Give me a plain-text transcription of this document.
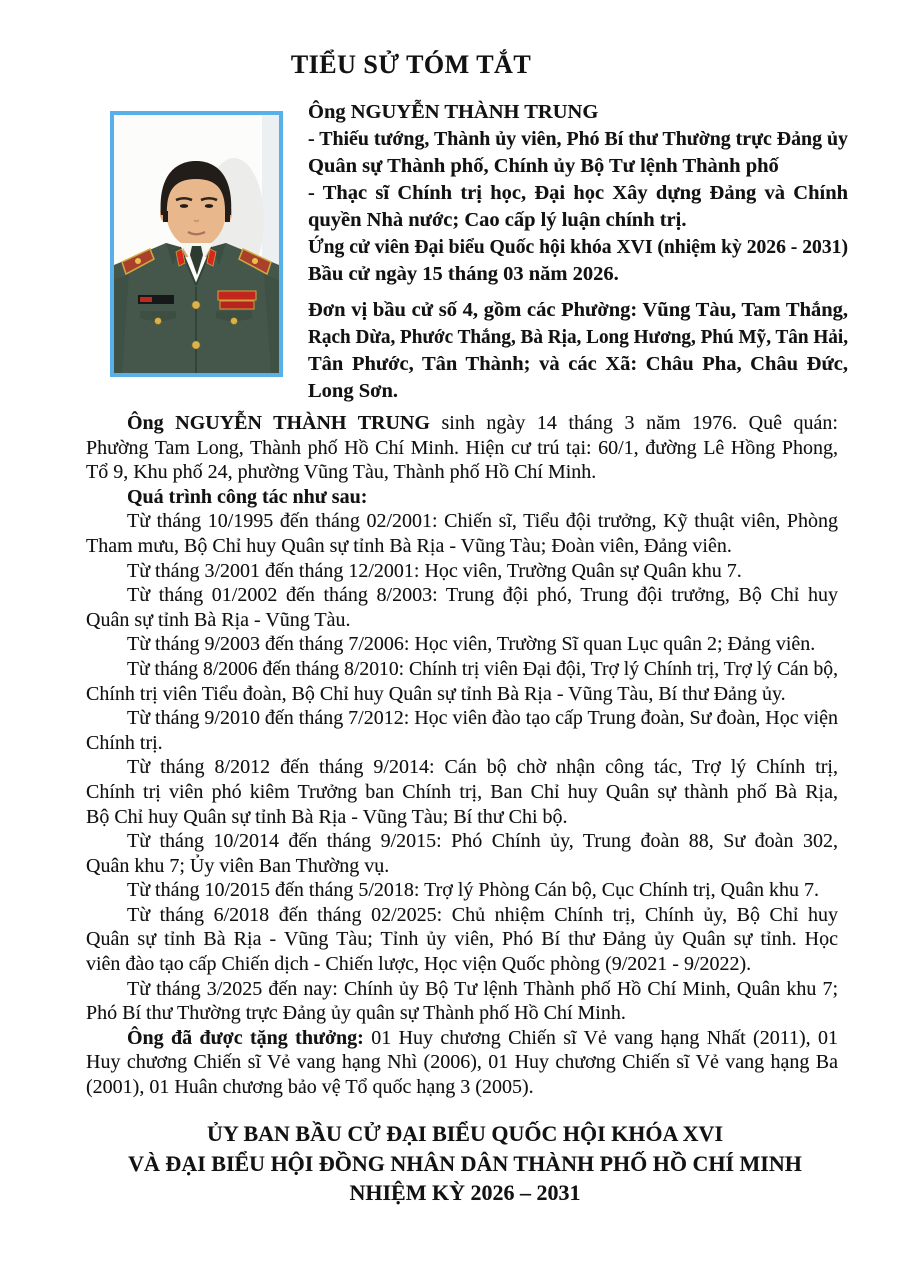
TIỂU SỬ TÓM TẮT
Ông NGUYỄN THÀNH TRUNG
- Thiếu tướng, Thành ủy viên, Phó Bí thư Thường trực Đảng ủy
Quân sự Thành phố, Chính ủy Bộ Tư lệnh Thành phố
- Thạc sĩ Chính trị học, Đại học Xây dựng Đảng và Chính
quyền Nhà nước; Cao cấp lý luận chính trị.
Ứng cử viên Đại biểu Quốc hội khóa XVI (nhiệm kỳ 2026 - 2031)
Bầu cử ngày 15 tháng 03 năm 2026.
Đơn vị bầu cử số 4, gồm các Phường: Vũng Tàu, Tam Thắng,
Rạch Dừa, Phước Thắng, Bà Rịa, Long Hương, Phú Mỹ, Tân Hải,
Tân Phước, Tân Thành; và các Xã: Châu Pha, Châu Đức,
Long Sơn.
Ông NGUYỄN THÀNH TRUNG sinh ngày 14 tháng 3 năm 1976. Quê quán:
Phường Tam Long, Thành phố Hồ Chí Minh. Hiện cư trú tại: 60/1, đường Lê Hồng Phong,
Tổ 9, Khu phố 24, phường Vũng Tàu, Thành phố Hồ Chí Minh.
Quá trình công tác như sau:
Từ tháng 10/1995 đến tháng 02/2001: Chiến sĩ, Tiểu đội trưởng, Kỹ thuật viên, Phòng
Tham mưu, Bộ Chỉ huy Quân sự tỉnh Bà Rịa - Vũng Tàu; Đoàn viên, Đảng viên.
Từ tháng 3/2001 đến tháng 12/2001: Học viên, Trường Quân sự Quân khu 7.
Từ tháng 01/2002 đến tháng 8/2003: Trung đội phó, Trung đội trưởng, Bộ Chỉ huy
Quân sự tỉnh Bà Rịa - Vũng Tàu.
Từ tháng 9/2003 đến tháng 7/2006: Học viên, Trường Sĩ quan Lục quân 2; Đảng viên.
Từ tháng 8/2006 đến tháng 8/2010: Chính trị viên Đại đội, Trợ lý Chính trị, Trợ lý Cán bộ,
Chính trị viên Tiểu đoàn, Bộ Chỉ huy Quân sự tỉnh Bà Rịa - Vũng Tàu, Bí thư Đảng ủy.
Từ tháng 9/2010 đến tháng 7/2012: Học viên đào tạo cấp Trung đoàn, Sư đoàn, Học viện
Chính trị.
Từ tháng 8/2012 đến tháng 9/2014: Cán bộ chờ nhận công tác, Trợ lý Chính trị,
Chính trị viên phó kiêm Trưởng ban Chính trị, Ban Chỉ huy Quân sự thành phố Bà Rịa,
Bộ Chỉ huy Quân sự tỉnh Bà Rịa - Vũng Tàu; Bí thư Chi bộ.
Từ tháng 10/2014 đến tháng 9/2015: Phó Chính ủy, Trung đoàn 88, Sư đoàn 302,
Quân khu 7; Ủy viên Ban Thường vụ.
Từ tháng 10/2015 đến tháng 5/2018: Trợ lý Phòng Cán bộ, Cục Chính trị, Quân khu 7.
Từ tháng 6/2018 đến tháng 02/2025: Chủ nhiệm Chính trị, Chính ủy, Bộ Chỉ huy
Quân sự tỉnh Bà Rịa - Vũng Tàu; Tỉnh ủy viên, Phó Bí thư Đảng ủy Quân sự tỉnh. Học
viên đào tạo cấp Chiến dịch - Chiến lược, Học viện Quốc phòng (9/2021 - 9/2022).
Từ tháng 3/2025 đến nay: Chính ủy Bộ Tư lệnh Thành phố Hồ Chí Minh, Quân khu 7;
Phó Bí thư Thường trực Đảng ủy quân sự Thành phố Hồ Chí Minh.
Ông đã được tặng thưởng: 01 Huy chương Chiến sĩ Vẻ vang hạng Nhất (2011), 01
Huy chương Chiến sĩ Vẻ vang hạng Nhì (2006), 01 Huy chương Chiến sĩ Vẻ vang hạng Ba
(2001), 01 Huân chương bảo vệ Tổ quốc hạng 3 (2005).
ỦY BAN BẦU CỬ ĐẠI BIỂU QUỐC HỘI KHÓA XVI
VÀ ĐẠI BIỂU HỘI ĐỒNG NHÂN DÂN THÀNH PHỐ HỒ CHÍ MINH
NHIỆM KỲ 2026 – 2031
